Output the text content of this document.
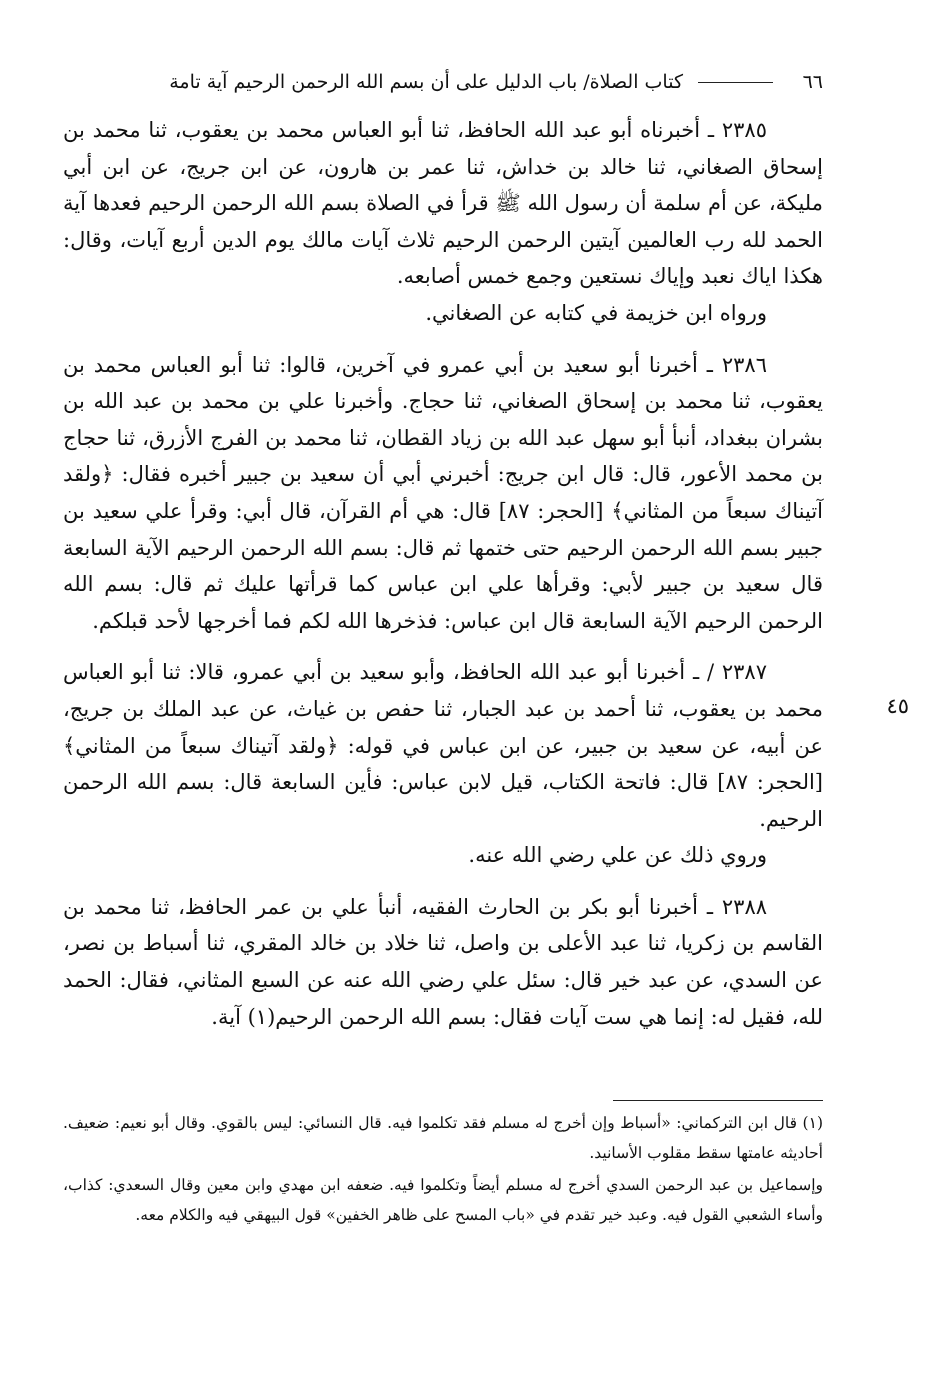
٦٦
كتاب الصلاة/ باب الدليل على أن بسم الله الرحمن الرحيم آية تامة
٤٥

٢٣٨٥ ـ أخبرناه أبو عبد الله الحافظ، ثنا أبو العباس محمد بن يعقوب، ثنا محمد بن إسحاق الصغاني، ثنا خالد بن خداش، ثنا عمر بن هارون، عن ابن جريج، عن ابن أبي مليكة، عن أم سلمة أن رسول الله ﷺ قرأ في الصلاة بسم الله الرحمن الرحيم فعدها آية الحمد لله رب العالمين آيتين الرحمن الرحيم ثلاث آيات مالك يوم الدين أربع آيات، وقال: هكذا اياك نعبد وإياك نستعين وجمع خمس أصابعه.

ورواه ابن خزيمة في كتابه عن الصغاني.

٢٣٨٦ ـ أخبرنا أبو سعيد بن أبي عمرو في آخرين، قالوا: ثنا أبو العباس محمد بن يعقوب، ثنا محمد بن إسحاق الصغاني، ثنا حجاج. وأخبرنا علي بن محمد بن عبد الله بن بشران ببغداد، أنبأ أبو سهل عبد الله بن زياد القطان، ثنا محمد بن الفرج الأزرق، ثنا حجاج بن محمد الأعور، قال: قال ابن جريج: أخبرني أبي أن سعيد بن جبير أخبره فقال: ﴿ولقد آتيناك سبعاً من المثاني﴾ [الحجر: ٨٧] قال: هي أم القرآن، قال أبي: وقرأ علي سعيد بن جبير بسم الله الرحمن الرحيم حتى ختمها ثم قال: بسم الله الرحمن الرحيم الآية السابعة قال سعيد بن جبير لأبي: وقرأها علي ابن عباس كما قرأتها عليك ثم قال: بسم الله الرحمن الرحيم الآية السابعة قال ابن عباس: فذخرها الله لكم فما أخرجها لأحد قبلكم.

٢٣٨٧ / ـ أخبرنا أبو عبد الله الحافظ، وأبو سعيد بن أبي عمرو، قالا: ثنا أبو العباس محمد بن يعقوب، ثنا أحمد بن عبد الجبار، ثنا حفص بن غياث، عن عبد الملك بن جريج، عن أبيه، عن سعيد بن جبير، عن ابن عباس في قوله: ﴿ولقد آتيناك سبعاً من المثاني﴾ [الحجر: ٨٧] قال: فاتحة الكتاب، قيل لابن عباس: فأين السابعة قال: بسم الله الرحمن الرحيم.

وروي ذلك عن علي رضي الله عنه.

٢٣٨٨ ـ أخبرنا أبو بكر بن الحارث الفقيه، أنبأ علي بن عمر الحافظ، ثنا محمد بن القاسم بن زكريا، ثنا عبد الأعلى بن واصل، ثنا خلاد بن خالد المقري، ثنا أسباط بن نصر، عن السدي، عن عبد خير قال: سئل علي رضي الله عنه عن السبع المثاني، فقال: الحمد لله، فقيل له: إنما هي ست آيات فقال: بسم الله الرحمن الرحيم(١) آية.

(١) قال ابن التركماني: «أسباط وإن أخرج له مسلم فقد تكلموا فيه. قال النسائي: ليس بالقوي. وقال أبو نعيم: ضعيف. أحاديثه عامتها سقط مقلوب الأسانيد.

وإسماعيل بن عبد الرحمن السدي أخرج له مسلم أيضاً وتكلموا فيه. ضعفه ابن مهدي وابن معين وقال السعدي: كذاب، وأساء الشعبي القول فيه. وعبد خير تقدم في «باب المسح على ظاهر الخفين» قول البيهقي فيه والكلام معه.
